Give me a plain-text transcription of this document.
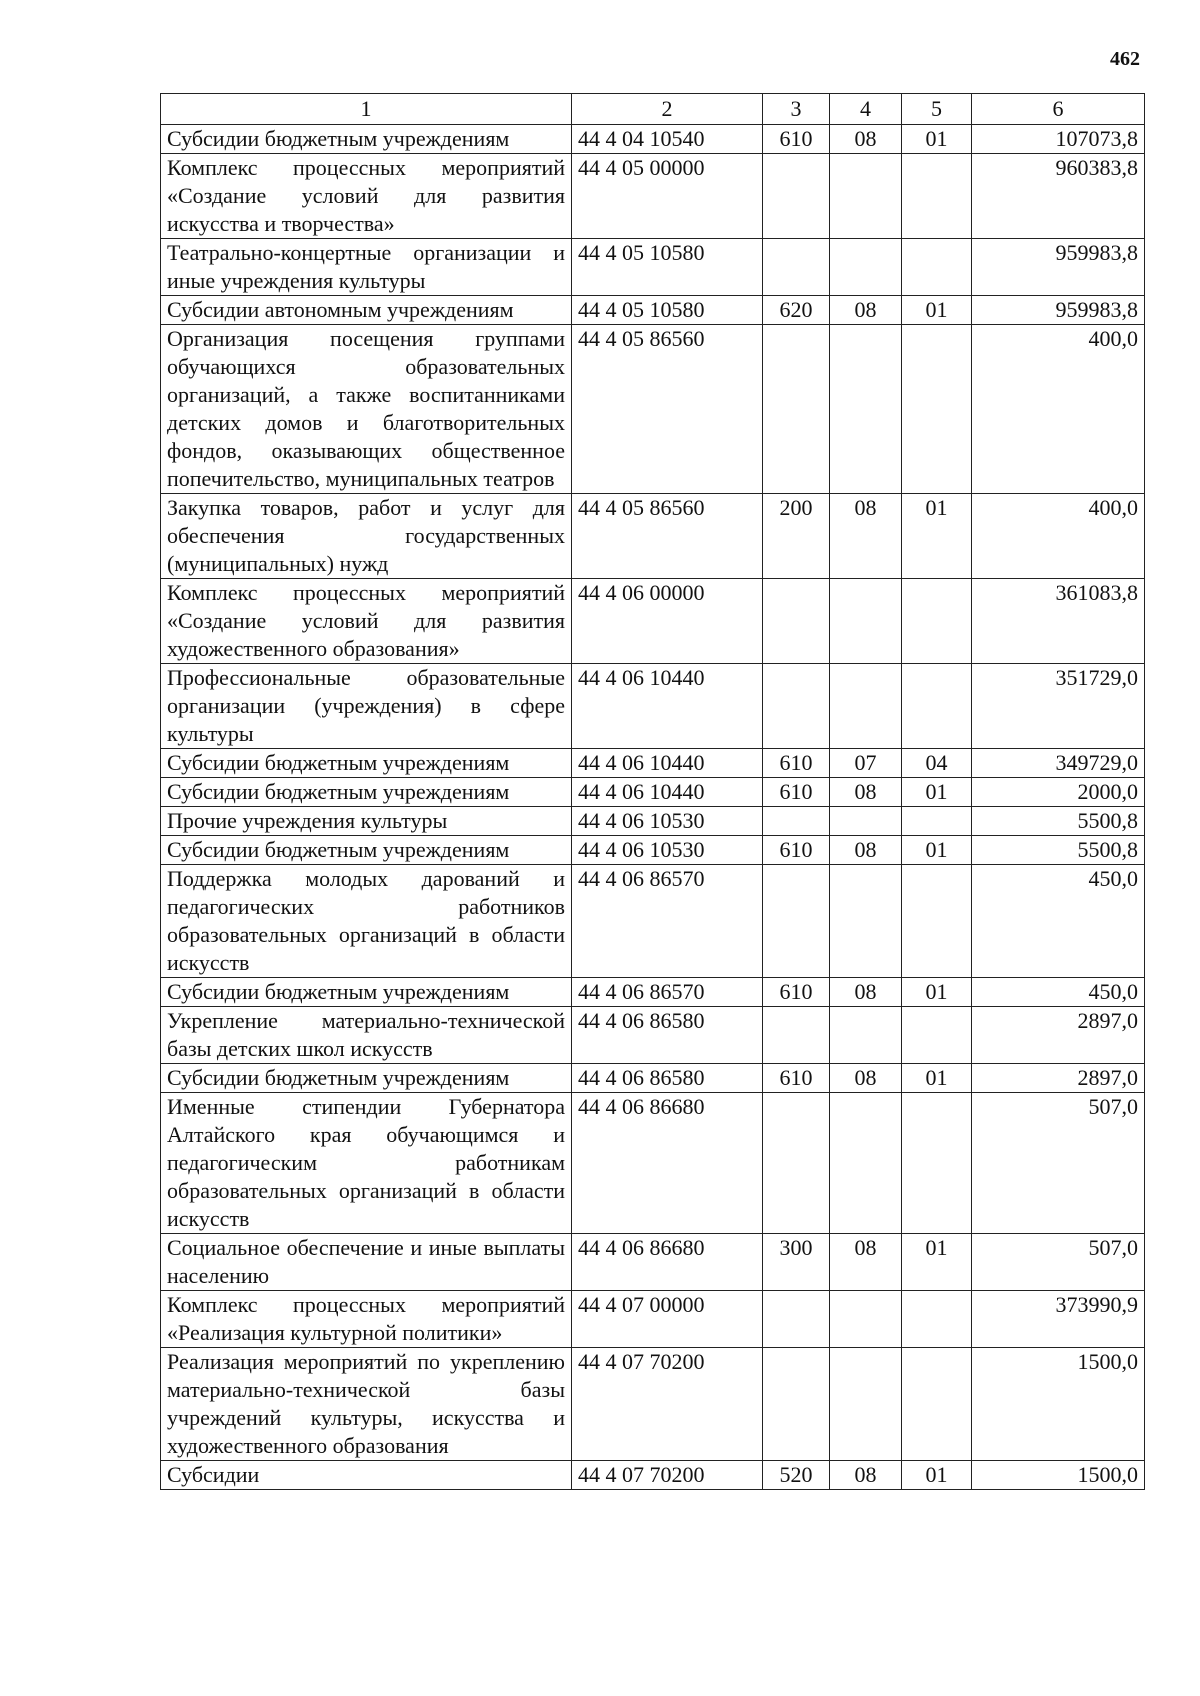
462
1	2	3	4	5	6
Субсидии бюджетным учреждениям	44 4 04 10540	610	08	01	107073,8
Комплекс процессных мероприятий «Создание условий для развития искусства и творчества»	44 4 05 00000				960383,8
Театрально-концертные организации и иные учреждения культуры	44 4 05 10580				959983,8
Субсидии автономным учреждениям	44 4 05 10580	620	08	01	959983,8
Организация посещения группами обучающихся образовательных организаций, а также воспитанниками детских домов и благотворительных фондов, оказывающих общественное попечительство, муниципальных театров	44 4 05 86560				400,0
Закупка товаров, работ и услуг для обеспечения государственных (муниципальных) нужд	44 4 05 86560	200	08	01	400,0
Комплекс процессных мероприятий «Создание условий для развития художественного образования»	44 4 06 00000				361083,8
Профессиональные образовательные организации (учреждения) в сфере культуры	44 4 06 10440				351729,0
Субсидии бюджетным учреждениям	44 4 06 10440	610	07	04	349729,0
Субсидии бюджетным учреждениям	44 4 06 10440	610	08	01	2000,0
Прочие учреждения культуры	44 4 06 10530				5500,8
Субсидии бюджетным учреждениям	44 4 06 10530	610	08	01	5500,8
Поддержка молодых дарований и педагогических работников образовательных организаций в области искусств	44 4 06 86570				450,0
Субсидии бюджетным учреждениям	44 4 06 86570	610	08	01	450,0
Укрепление материально-технической базы детских школ искусств	44 4 06 86580				2897,0
Субсидии бюджетным учреждениям	44 4 06 86580	610	08	01	2897,0
Именные стипендии Губернатора Алтайского края обучающимся и педагогическим работникам образовательных организаций в области искусств	44 4 06 86680				507,0
Социальное обеспечение и иные выплаты населению	44 4 06 86680	300	08	01	507,0
Комплекс процессных мероприятий «Реализация культурной политики»	44 4 07 00000				373990,9
Реализация мероприятий по укреплению материально-технической базы учреждений культуры, искусства и художественного образования	44 4 07 70200				1500,0
Субсидии	44 4 07 70200	520	08	01	1500,0
